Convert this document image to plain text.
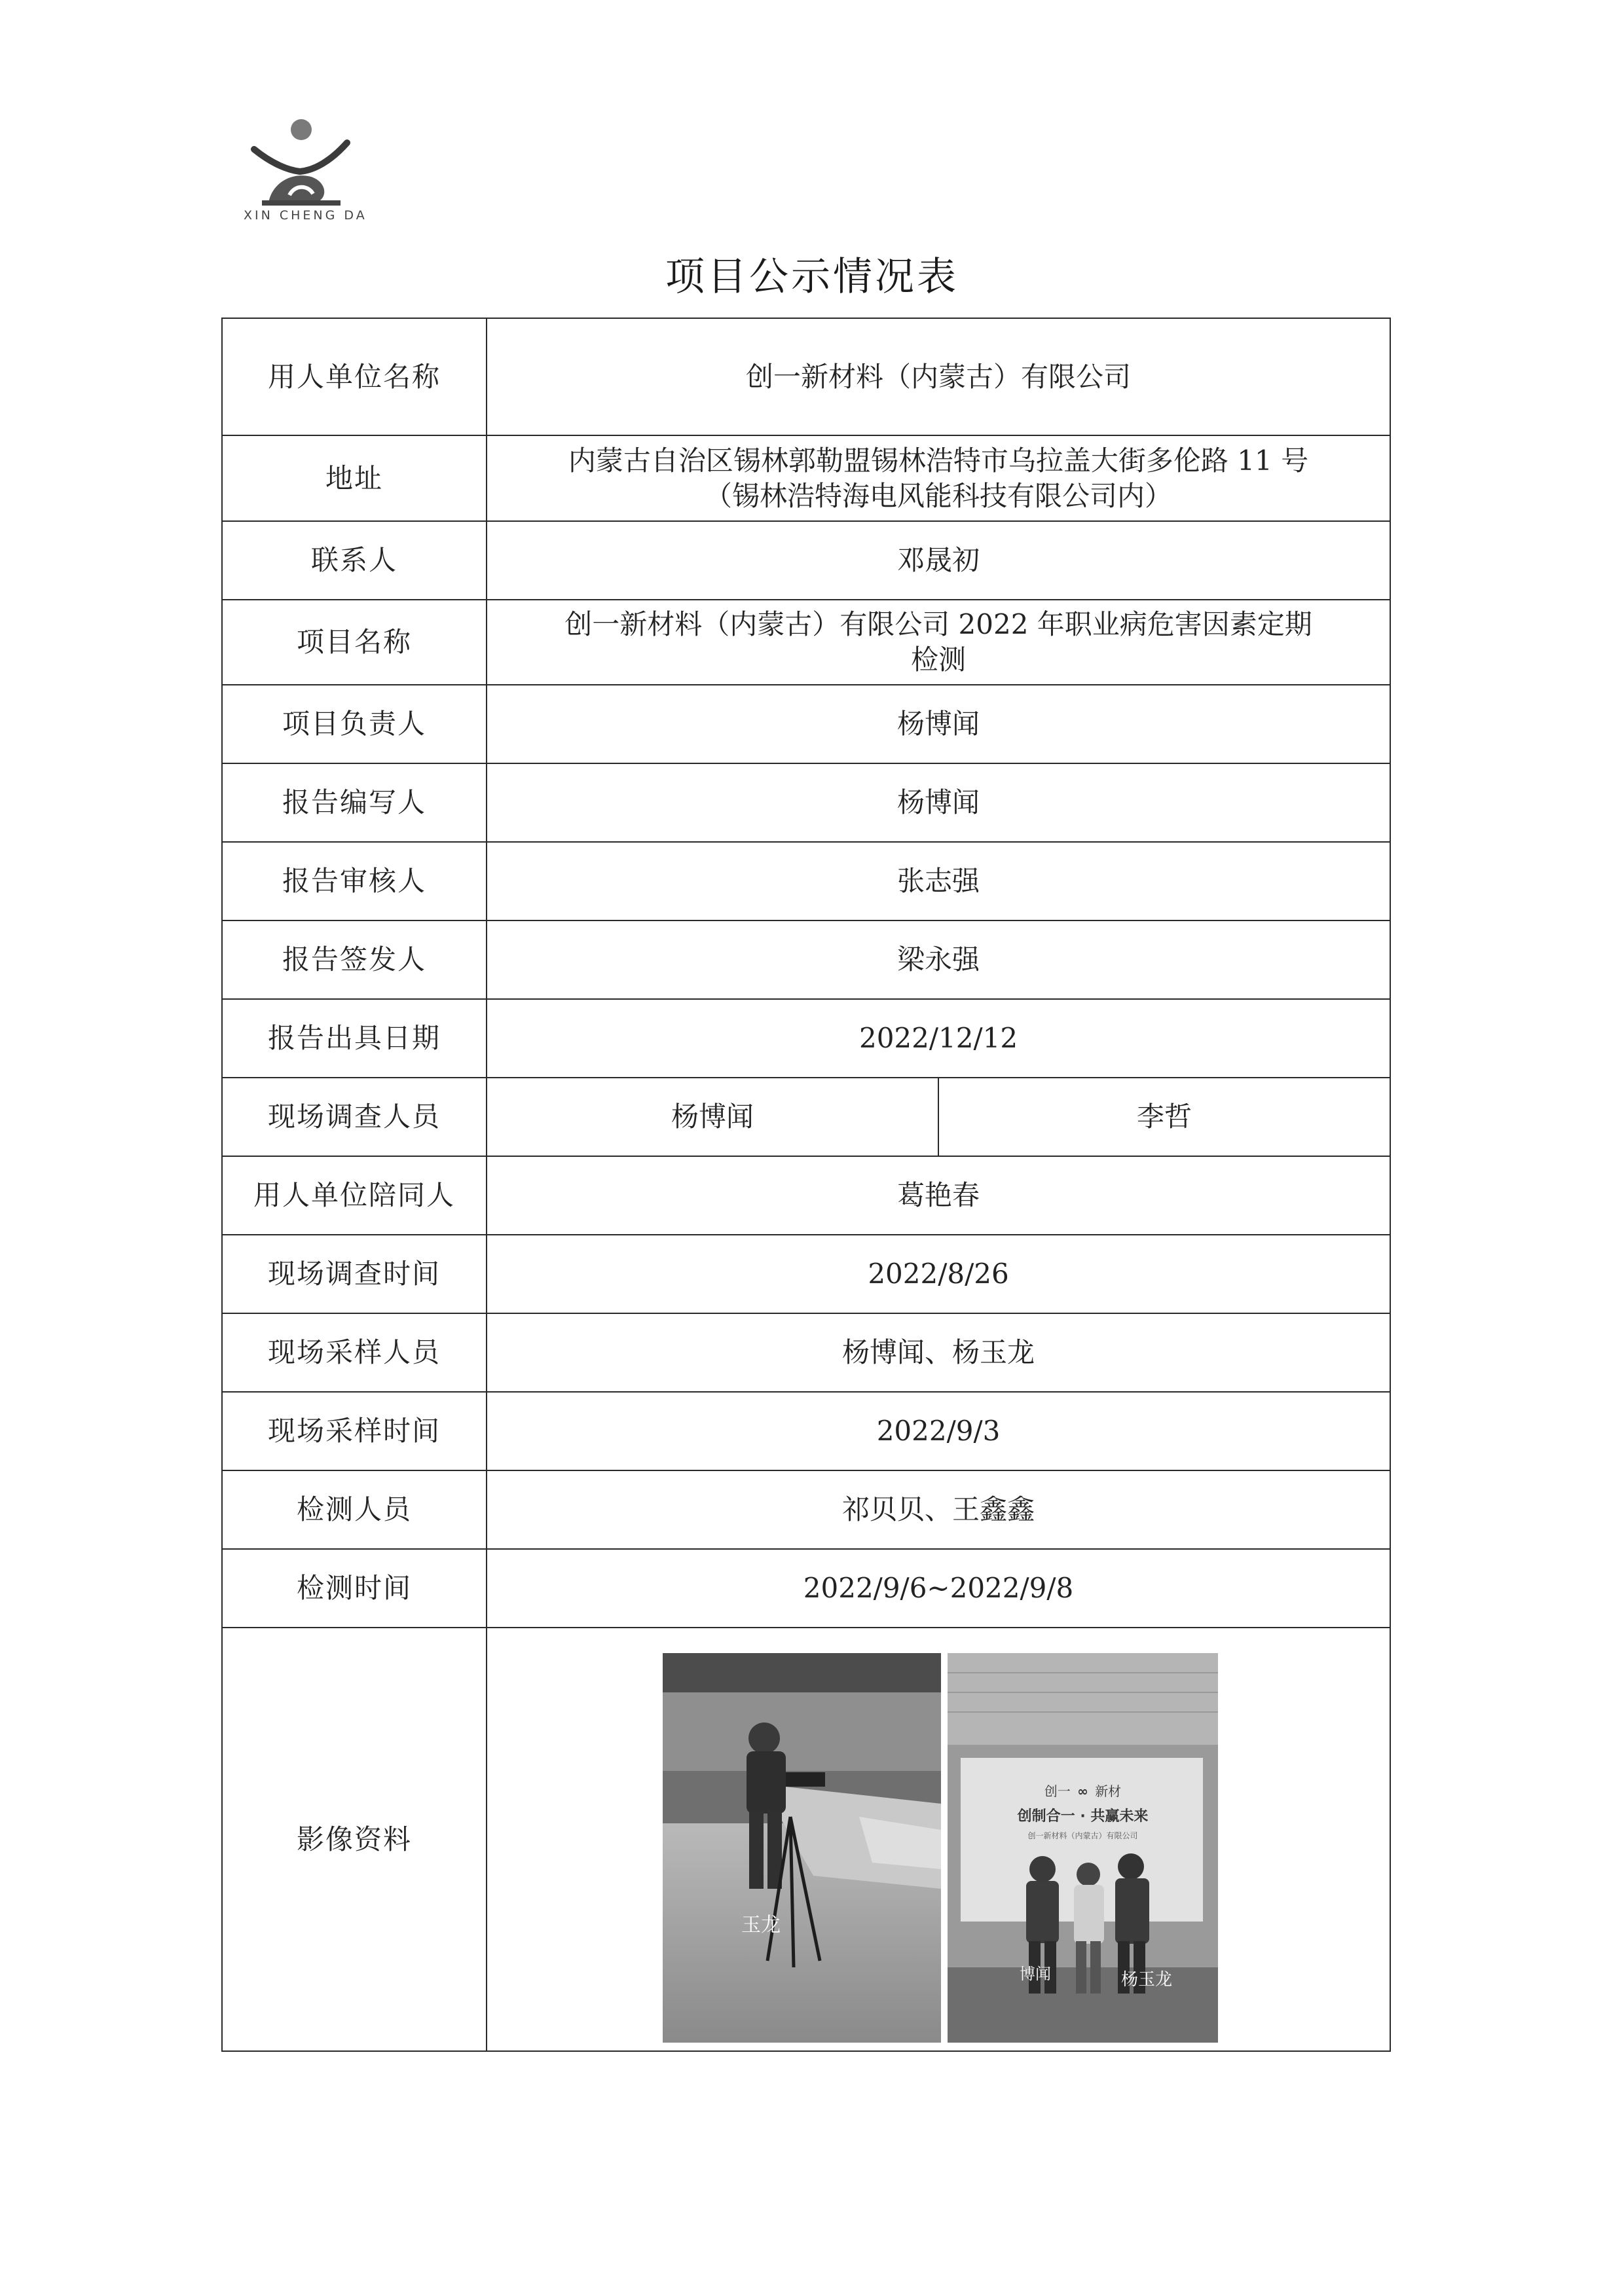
XIN CHENG DA
项目公示情况表
用人单位名称	创一新材料（内蒙古）有限公司	
地址	内蒙古自治区锡林郭勒盟锡林浩特市乌拉盖大街多伦路 11 号
（锡林浩特海电风能科技有限公司内）	

联系人	邓晟初	
项目名称	创一新材料（内蒙古）有限公司 2022 年职业病危害因素定期
检测	

项目负责人	杨博闻	
报告编写人	杨博闻	
报告审核人	张志强	
报告签发人	梁永强	
报告出具日期	2022/12/12	
现场调查人员	杨博闻	李哲
用人单位陪同人	葛艳春	
现场调查时间	2022/8/26	
现场采样人员	杨博闻、杨玉龙	
现场采样时间	2022/9/3	
检测人员	祁贝贝、王鑫鑫	
检测时间	2022/9/6~2022/9/8	
影像资料		
玉龙
创一 ∞ 新材
创制合一 · 共赢未来
创一新材料（内蒙古）有限公司
博闻	杨玉龙
